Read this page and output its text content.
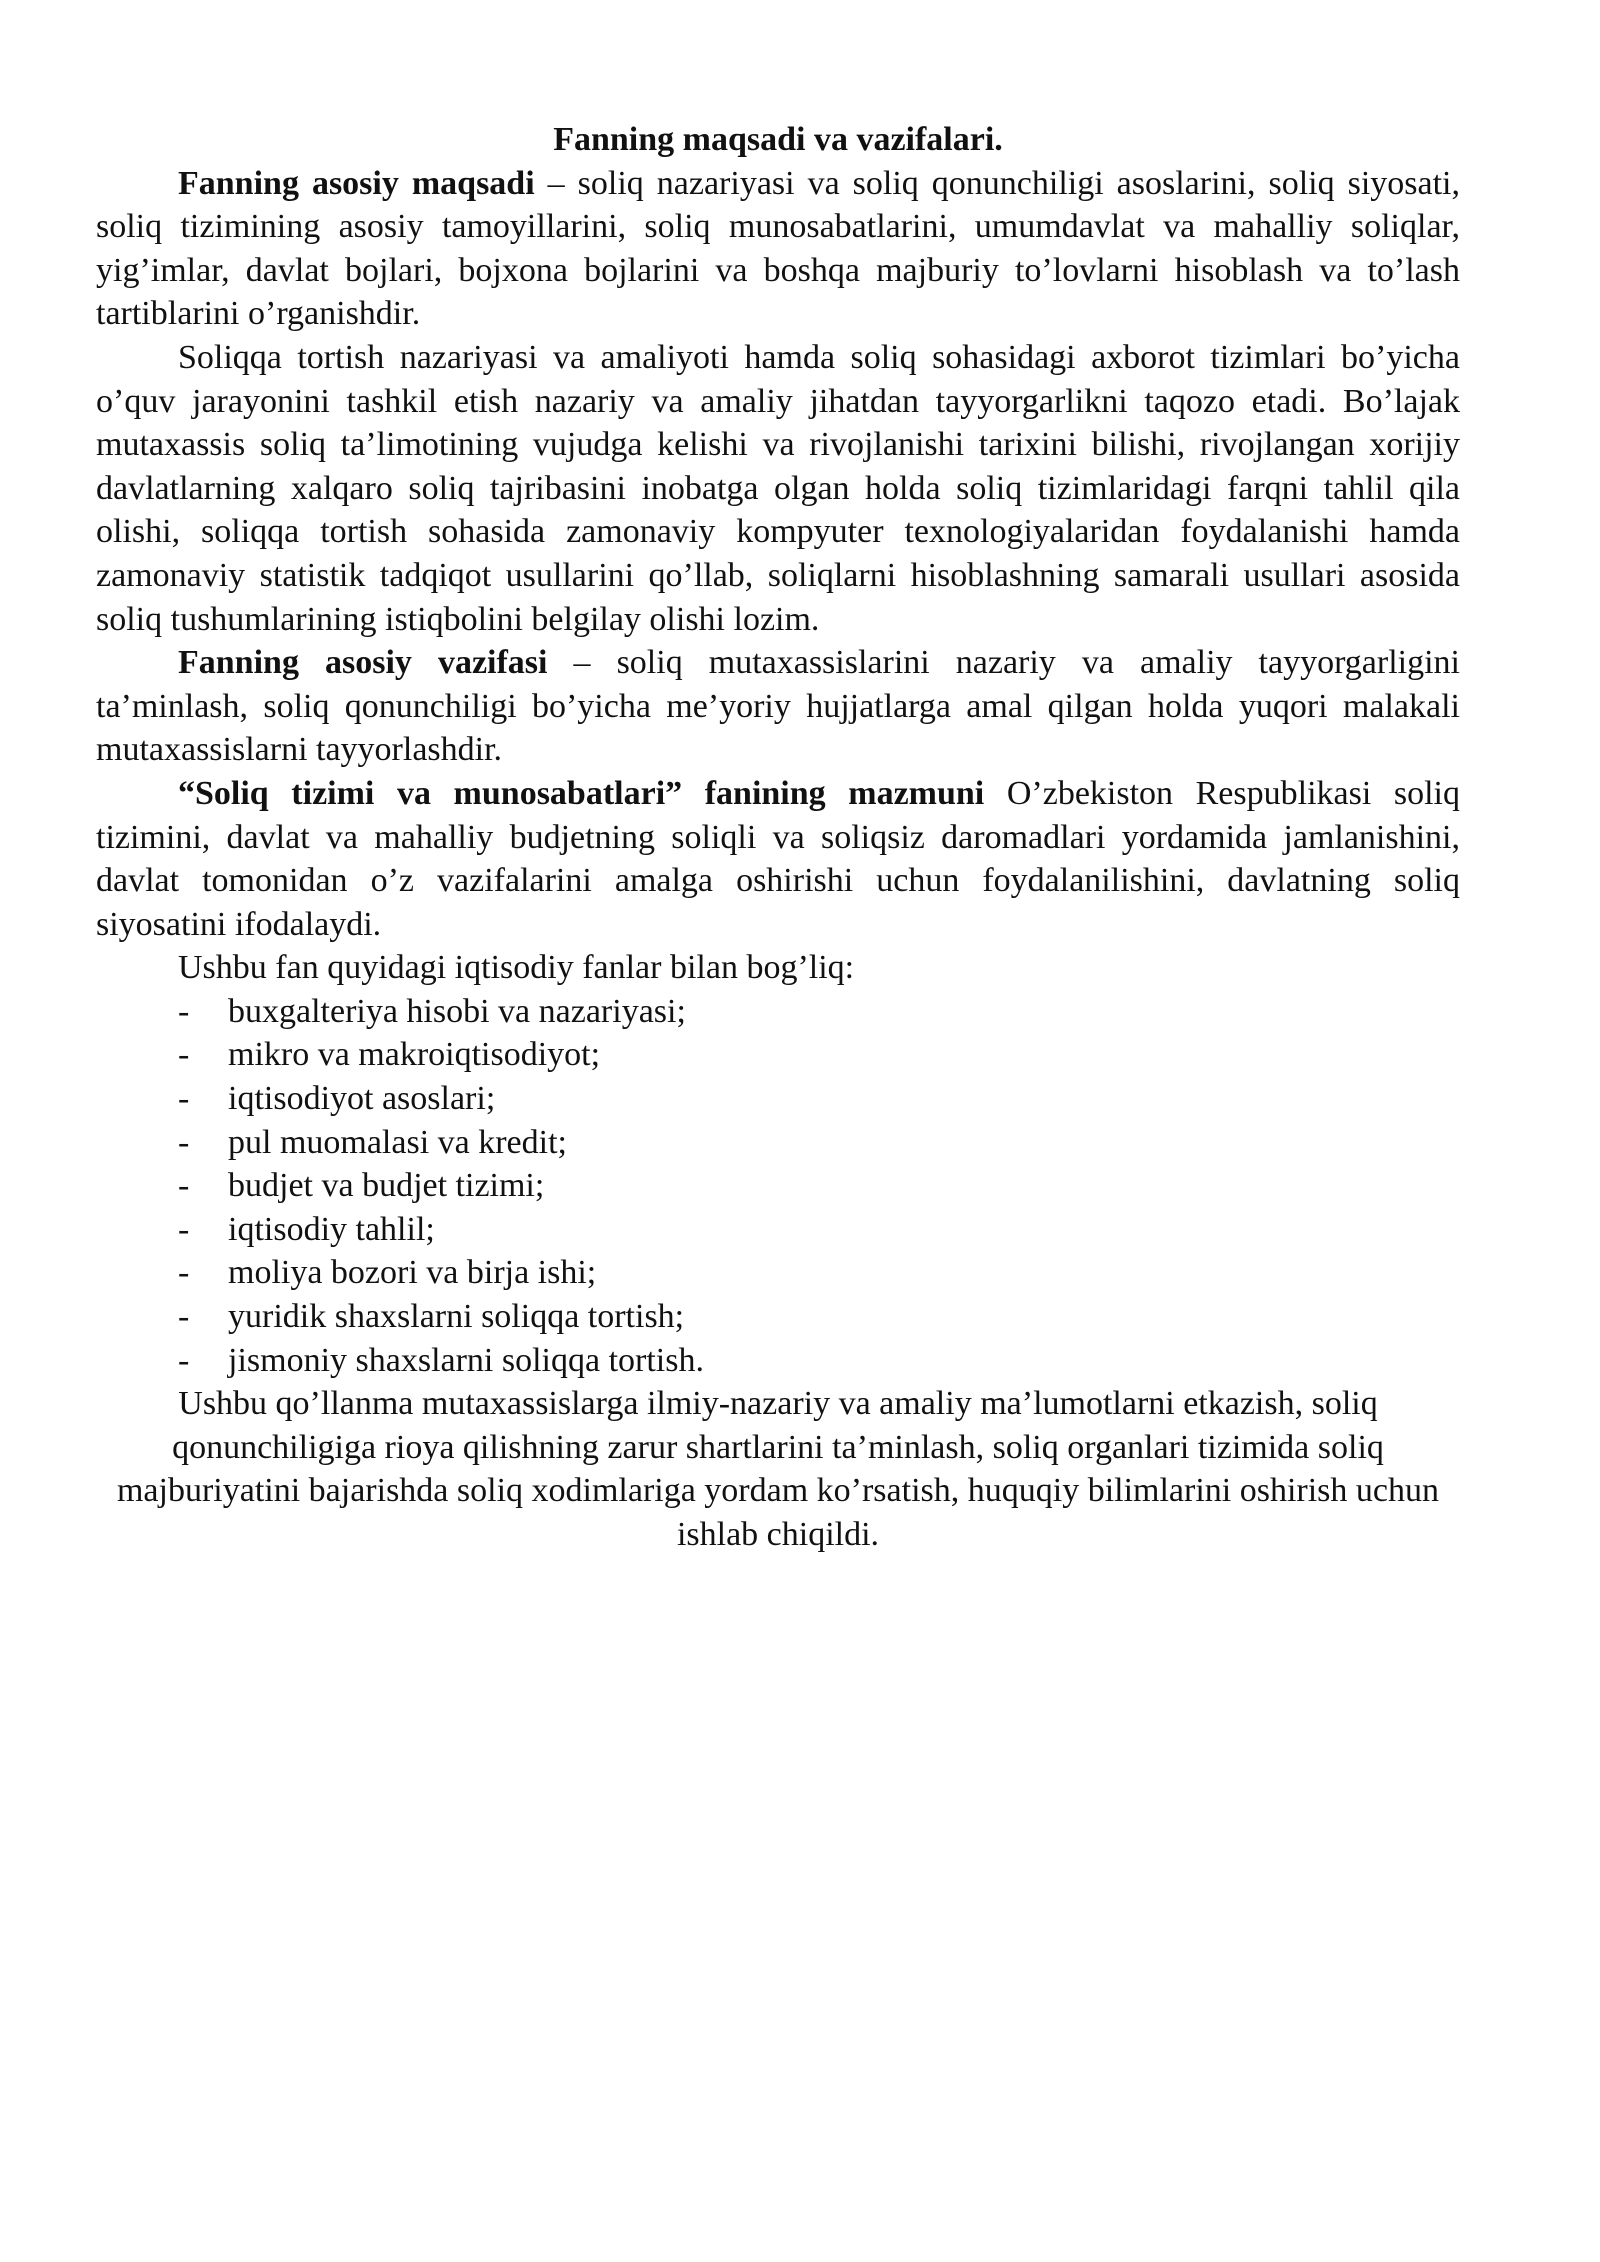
Fanning maqsadi va vazifalari.

Fanning asosiy maqsadi – soliq nazariyasi va soliq qonunchiligi asoslarini, soliq siyosati, soliq tizimining asosiy tamoyillarini, soliq munosabatlarini, umumdavlat va mahalliy soliqlar, yig’imlar, davlat bojlari, bojxona bojlarini va boshqa majburiy to’lovlarni hisoblash va to’lash tartiblarini o’rganishdir.

Soliqqa tortish nazariyasi va amaliyoti hamda soliq sohasidagi axborot tizimlari bo’yicha o’quv jarayonini tashkil etish nazariy va amaliy jihatdan tayyorgarlikni taqozo etadi. Bo’lajak mutaxassis soliq ta’limotining vujudga kelishi va rivojlanishi tarixini bilishi, rivojlangan xorijiy davlatlarning xalqaro soliq tajribasini inobatga olgan holda soliq tizimlaridagi farqni tahlil qila olishi, soliqqa tortish sohasida zamonaviy kompyuter texnologiyalaridan foydalanishi hamda zamonaviy statistik tadqiqot usullarini qo’llab, soliqlarni hisoblashning samarali usullari asosida soliq tushumlarining istiqbolini belgilay olishi lozim.

Fanning asosiy vazifasi – soliq mutaxassislarini nazariy va amaliy tayyorgarligini ta’minlash, soliq qonunchiligi bo’yicha me’yoriy hujjatlarga amal qilgan holda yuqori malakali mutaxassislarni tayyorlashdir.

“Soliq tizimi va munosabatlari” fanining mazmuni O’zbekiston Respublikasi soliq tizimini, davlat va mahalliy budjetning soliqli va soliqsiz daromadlari yordamida jamlanishini, davlat tomonidan o’z vazifalarini amalga oshirishi uchun foydalanilishini, davlatning soliq siyosatini ifodalaydi.

Ushbu fan quyidagi iqtisodiy fanlar bilan bog’liq:

- buxgalteriya hisobi va nazariyasi;
- mikro va makroiqtisodiyot;
- iqtisodiyot asoslari;
- pul muomalasi va kredit;
- budjet va budjet tizimi;
- iqtisodiy tahlil;
- moliya bozori va birja ishi;
- yuridik shaxslarni soliqqa tortish;
- jismoniy shaxslarni soliqqa tortish.

Ushbu qo’llanma mutaxassislarga ilmiy-nazariy va amaliy ma’lumotlarni etkazish, soliq qonunchiligiga rioya qilishning zarur shartlarini ta’minlash, soliq organlari tizimida soliq majburiyatini bajarishda soliq xodimlariga yordam ko’rsatish, huquqiy bilimlarini oshirish uchun ishlab chiqildi.
